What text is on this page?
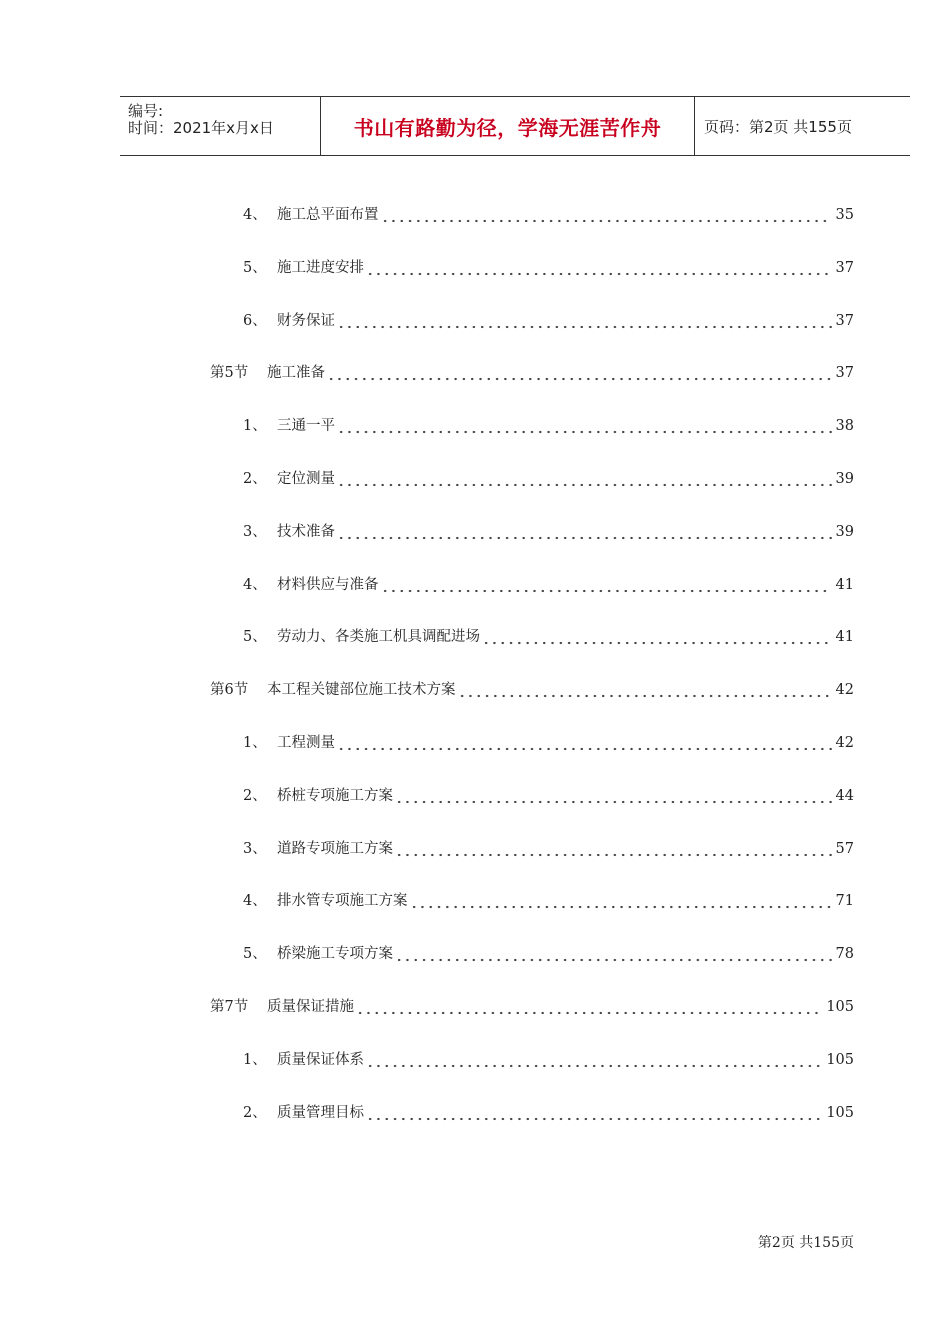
编号:
时间：2021年x月x日	书山有路勤为径，学海无涯苦作舟	页码：第2页 共155页
4、 施工总平面布置	35
5、 施工进度安排	37
6、 财务保证	37
第5节 施工准备	37
1、 三通一平	38
2、 定位测量	39
3、 技术准备	39
4、 材料供应与准备	41
5、 劳动力、各类施工机具调配进场	41
第6节 本工程关键部位施工技术方案	42
1、 工程测量	42
2、 桥桩专项施工方案	44
3、 道路专项施工方案	57
4、 排水管专项施工方案	71
5、 桥梁施工专项方案	78
第7节 质量保证措施	105
1、 质量保证体系	105
2、 质量管理目标	105
第2页 共155页
